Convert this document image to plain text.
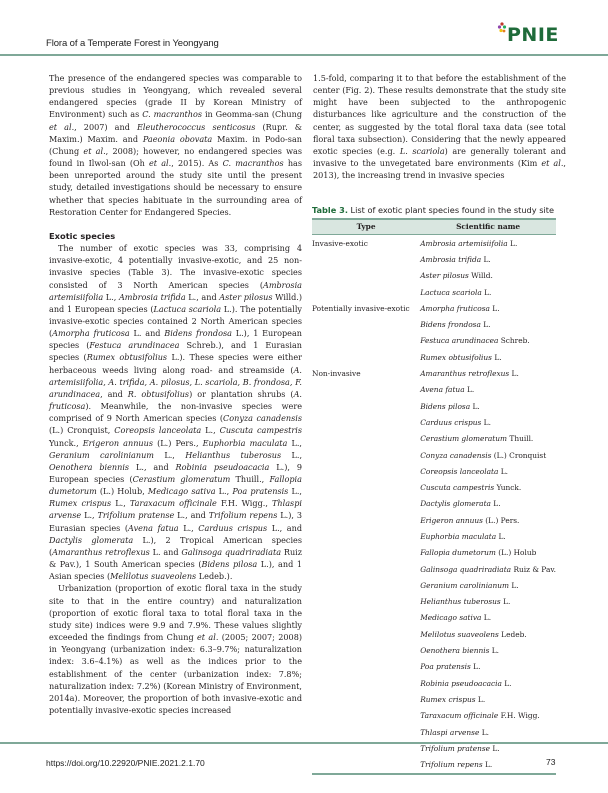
Flora of a Temperate Forest in Yeongyang	PNIE

The presence of the endangered species was comparable to previous studies in Yeongyang, which revealed several endangered species (grade II by Korean Ministry of Environment) such as C. macranthos in Geomma-san (Chung et al., 2007) and Eleutherococcus senticosus (Rupr. & Maxim.) Maxim. and Paeonia obovata Maxim. in Podo-san (Chung et al., 2008); however, no endangered species was found in Ilwol-san (Oh et al., 2015). As C. macranthos has been unreported around the study site until the present study, detailed investigations should be necessary to ensure whether that species habituate in the surrounding area of Restoration Center for Endangered Species.

Exotic species

The number of exotic species was 33, comprising 4 invasive-exotic, 4 potentially invasive-exotic, and 25 non-invasive species (Table 3). The invasive-exotic species consisted of 3 North American species (Ambrosia artemisiifolia L., Ambrosia trifida L., and Aster pilosus Willd.) and 1 European species (Lactuca scariola L.). The potentially invasive-exotic species contained 2 North American species (Amorpha fruticosa L. and Bidens frondosa L.), 1 European species (Festuca arundinacea Schreb.), and 1 Eurasian species (Rumex obtusifolius L.). These species were either herbaceous weeds living along road- and streamside (A. artemisiifolia, A. trifida, A. pilosus, L. scariola, B. frondosa, F. arundinacea, and R. obtusifolius) or plantation shrubs (A. fruticosa). Meanwhile, the non-invasive species were comprised of 9 North American species (Conyza canadensis (L.) Cronquist, Coreopsis lanceolata L., Cuscuta campestris Yunck., Erigeron annuus (L.) Pers., Euphorbia maculata L., Geranium carolinianum L., Helianthus tuberosus L., Oenothera biennis L., and Robinia pseudoacacia L.), 9 European species (Cerastium glomeratum Thuill., Fallopia dumetorum (L.) Holub, Medicago sativa L., Poa pratensis L., Rumex crispus L., Taraxacum officinale F.H. Wigg., Thlaspi arvense L., Trifolium pratense L., and Trifolium repens L.), 3 Eurasian species (Avena fatua L., Carduus crispus L., and Dactylis glomerata L.), 2 Tropical American species (Amaranthus retroflexus L. and Galinsoga quadriradiata Ruiz & Pav.), 1 South American species (Bidens pilosa L.), and 1 Asian species (Melilotus suaveolens Ledeb.).

Urbanization (proportion of exotic floral taxa in the study site to that in the entire country) and naturalization (proportion of exotic floral taxa to total floral taxa in the study site) indices were 9.9 and 7.9%. These values slightly exceeded the findings from Chung et al. (2005; 2007; 2008) in Yeongyang (urbanization index: 6.3–9.7%; naturalization index: 3.6–4.1%) as well as the indices prior to the establishment of the center (urbanization index: 7.8%; naturalization index: 7.2%) (Korean Ministry of Environment, 2014a). Moreover, the proportion of both invasive-exotic and potentially invasive-exotic species increased

1.5-fold, comparing it to that before the establishment of the center (Fig. 2). These results demonstrate that the study site might have been subjected to the anthropogenic disturbances like agriculture and the construction of the center, as suggested by the total floral taxa data (see total floral taxa subsection). Considering that the newly appeared exotic species (e.g. L. scariola) are generally tolerant and invasive to the unvegetated bare environments (Kim et al., 2013), the increasing trend in invasive species

Table 3. List of exotic plant species found in the study site
Type	Scientific name
Invasive-exotic	Ambrosia artemisiifolia L.
	Ambrosia trifida L.
	Aster pilosus Willd.
	Lactuca scariola L.
Potentially invasive-exotic	Amorpha fruticosa L.
	Bidens frondosa L.
	Festuca arundinacea Schreb.
	Rumex obtusifolius L.
Non-invasive	Amaranthus retroflexus L.
	Avena fatua L.
	Bidens pilosa L.
	Carduus crispus L.
	Cerastium glomeratum Thuill.
	Conyza canadensis (L.) Cronquist
	Coreopsis lanceolata L.
	Cuscuta campestris Yunck.
	Dactylis glomerata L.
	Erigeron annuus (L.) Pers.
	Euphorbia maculata L.
	Fallopia dumetorum (L.) Holub
	Galinsoga quadriradiata Ruiz & Pav.
	Geranium carolinianum L.
	Helianthus tuberosus L.
	Medicago sativa L.
	Melilotus suaveolens Ledeb.
	Oenothera biennis L.
	Poa pratensis L.
	Robinia pseudoacacia L.
	Rumex crispus L.
	Taraxacum officinale F.H. Wigg.
	Thlaspi arvense L.
	Trifolium pratense L.
	Trifolium repens L.
https://doi.org/10.22920/PNIE.2021.2.1.70	73
